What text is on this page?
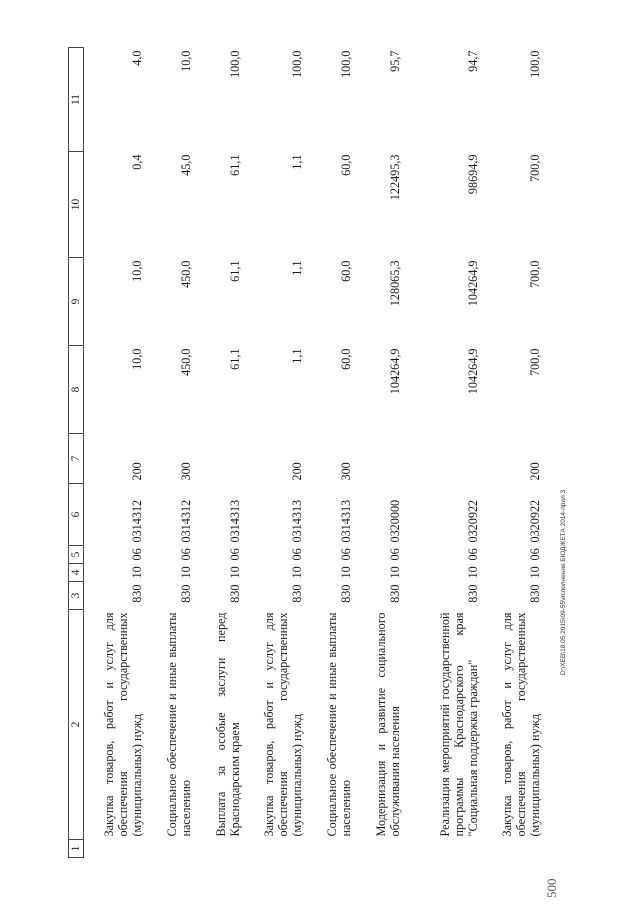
1	2	3	4	5	6	7	8	9	10	11
	Закупка товаров, работ и услуг для обеспечения государственных (муниципальных) нужд	830	10	06	0314312	200	10,0	10,0	0,4	4,0
	Социальное обеспечение и иные выплаты населению	830	10	06	0314312	300	450,0	450,0	45,0	10,0
	Выплата за особые заслуги перед Краснодарским краем	830	10	06	0314313		61,1	61,1	61,1	100,0
	Закупка товаров, работ и услуг для обеспечения государственных (муниципальных) нужд	830	10	06	0314313	200	1,1	1,1	1,1	100,0
	Социальное обеспечение и иные выплаты населению	830	10	06	0314313	300	60,0	60,0	60,0	100,0
	Модернизация и развитие социального обслуживания населения	830	10	06	0320000		104264,9	128065,3	122495,3	95,7
	Реализация мероприятий государственной программы Краснодарского края "Социальная поддержка граждан"	830	10	06	0320922		104264,9	104264,9	98694,9	94,7
	Закупка товаров, работ и услуг для обеспечения государственных (муниципальных) нужд	830	10	06	0320922	200	700,0	700,0	700,0	100,0
D:\XEB\18.05.2015\09-55\исполнение БЮДЖЕТА 2014-прил 3
500
